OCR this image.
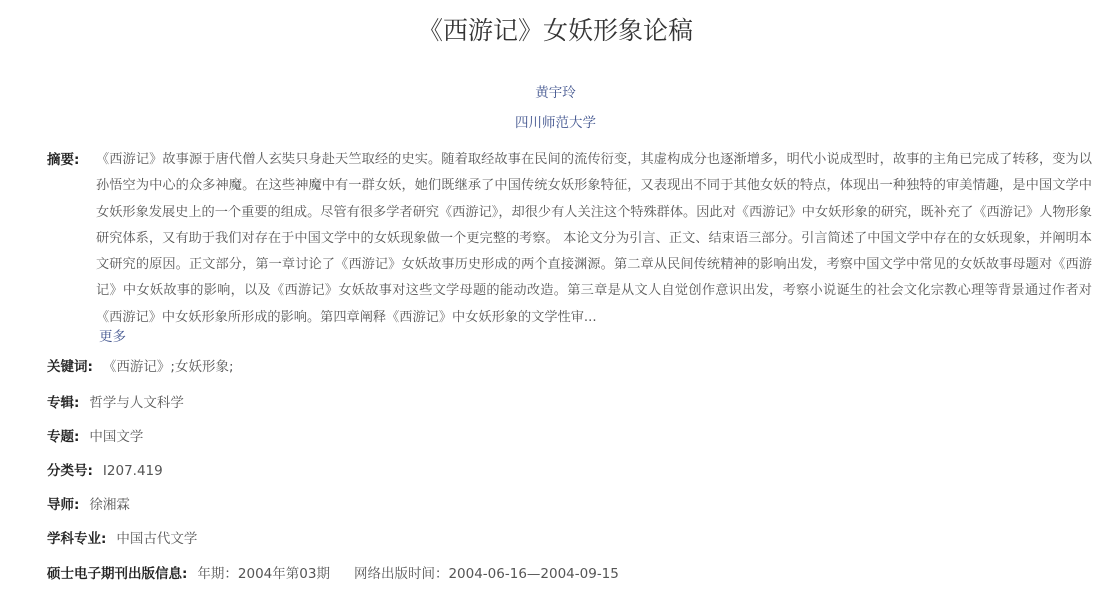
《西游记》女妖形象论稿
黄宇玲
四川师范大学
摘要: 《西游记》故事源于唐代僧人玄奘只身赴天竺取经的史实。随着取经故事在民间的流传衍变，其虚构成分也逐渐增多，明代小说成型时，故事的主角已完成了转移，变为以孙悟空为中心的众多神魔。在这些神魔中有一群女妖，她们既继承了中国传统女妖形象特征，又表现出不同于其他女妖的特点，体现出一种独特的审美情趣，是中国文学中女妖形象发展史上的一个重要的组成。尽管有很多学者研究《西游记》，却很少有人关注这个特殊群体。因此对《西游记》中女妖形象的研究，既补充了《西游记》人物形象研究体系，又有助于我们对存在于中国文学中的女妖现象做一个更完整的考察。 本论文分为引言、正文、结束语三部分。引言简述了中国文学中存在的女妖现象，并阐明本文研究的原因。正文部分，第一章讨论了《西游记》女妖故事历史形成的两个直接渊源。第二章从民间传统精神的影响出发，考察中国文学中常见的女妖故事母题对《西游记》中女妖故事的影响，以及《西游记》女妖故事对这些文学母题的能动改造。第三章是从文人自觉创作意识出发，考察小说诞生的社会文化宗教心理等背景通过作者对《西游记》中女妖形象所形成的影响。第四章阐释《西游记》中女妖形象的文学性审...
更多
关键词: 《西游记》;女妖形象;
专辑: 哲学与人文科学
专题: 中国文学
分类号: I207.419
导师: 徐湘霖
学科专业: 中国古代文学
硕士电子期刊出版信息: 年期：2004年第03期 网络出版时间：2004-06-16—2004-09-15
